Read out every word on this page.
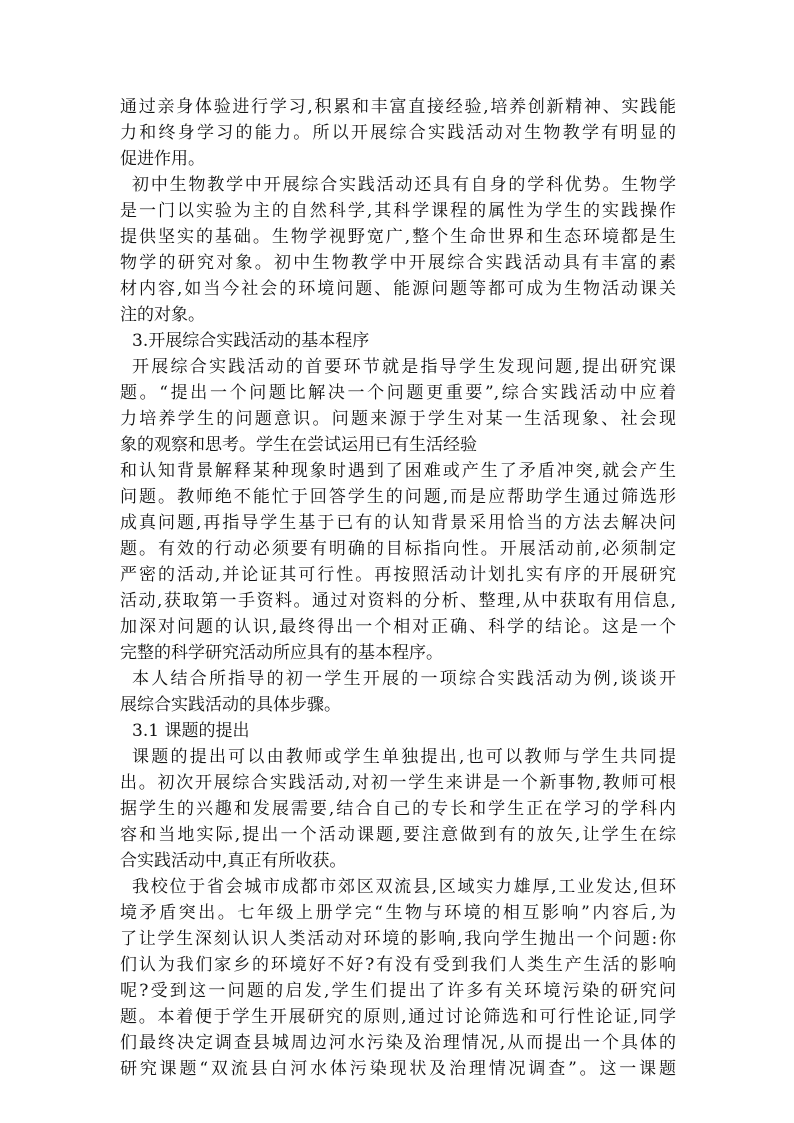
通过亲身体验进行学习,积累和丰富直接经验,培养创新精神、实践能
力和终身学习的能力。所以开展综合实践活动对生物教学有明显的
促进作用。
初中生物教学中开展综合实践活动还具有自身的学科优势。生物学
是一门以实验为主的自然科学,其科学课程的属性为学生的实践操作
提供坚实的基础。生物学视野宽广,整个生命世界和生态环境都是生
物学的研究对象。初中生物教学中开展综合实践活动具有丰富的素
材内容,如当今社会的环境问题、能源问题等都可成为生物活动课关
注的对象。
3.开展综合实践活动的基本程序
开展综合实践活动的首要环节就是指导学生发现问题,提出研究课
题。“提出一个问题比解决一个问题更重要”,综合实践活动中应着
力培养学生的问题意识。问题来源于学生对某一生活现象、社会现
象的观察和思考。学生在尝试运用已有生活经验
和认知背景解释某种现象时遇到了困难或产生了矛盾冲突,就会产生
问题。教师绝不能忙于回答学生的问题,而是应帮助学生通过筛选形
成真问题,再指导学生基于已有的认知背景采用恰当的方法去解决问
题。有效的行动必须要有明确的目标指向性。开展活动前,必须制定
严密的活动,并论证其可行性。再按照活动计划扎实有序的开展研究
活动,获取第一手资料。通过对资料的分析、整理,从中获取有用信息,
加深对问题的认识,最终得出一个相对正确、科学的结论。这是一个
完整的科学研究活动所应具有的基本程序。
本人结合所指导的初一学生开展的一项综合实践活动为例,谈谈开
展综合实践活动的具体步骤。
3.1 课题的提出
课题的提出可以由教师或学生单独提出,也可以教师与学生共同提
出。初次开展综合实践活动,对初一学生来讲是一个新事物,教师可根
据学生的兴趣和发展需要,结合自己的专长和学生正在学习的学科内
容和当地实际,提出一个活动课题,要注意做到有的放矢,让学生在综
合实践活动中,真正有所收获。
我校位于省会城市成都市郊区双流县,区域实力雄厚,工业发达,但环
境矛盾突出。七年级上册学完“生物与环境的相互影响”内容后,为
了让学生深刻认识人类活动对环境的影响,我向学生抛出一个问题:你
们认为我们家乡的环境好不好?有没有受到我们人类生产生活的影响
呢?受到这一问题的启发,学生们提出了许多有关环境污染的研究问
题。本着便于学生开展研究的原则,通过讨论筛选和可行性论证,同学
们最终决定调查县城周边河水污染及治理情况,从而提出一个具体的
研究课题“双流县白河水体污染现状及治理情况调查”。这一课题
